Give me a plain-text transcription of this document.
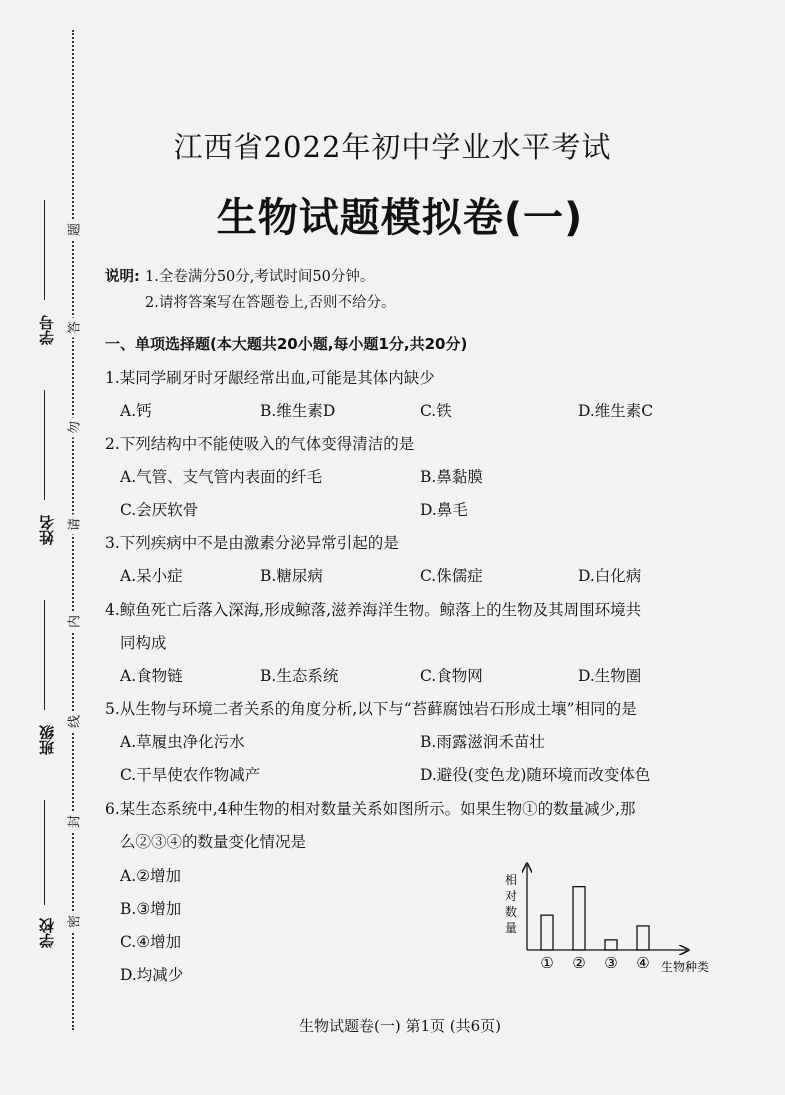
学号
姓名
班级
学校
题
答
勿
请
内
线
封
密
江西省2022年初中学业水平考试
生物试题模拟卷(一)
说明: 1.全卷满分50分,考试时间50分钟。
2.请将答案写在答题卷上,否则不给分。
一、单项选择题(本大题共20小题,每小题1分,共20分)
1.某同学刷牙时牙龈经常出血,可能是其体内缺少
A.钙	B.维生素D	C.铁	D.维生素C
2.下列结构中不能使吸入的气体变得清洁的是
A.气管、支气管内表面的纤毛	B.鼻黏膜
C.会厌软骨	D.鼻毛
3.下列疾病中不是由激素分泌异常引起的是
A.呆小症	B.糖尿病	C.侏儒症	D.白化病
4.鲸鱼死亡后落入深海,形成鲸落,滋养海洋生物。鲸落上的生物及其周围环境共
同构成
A.食物链	B.生态系统	C.食物网	D.生物圈
5.从生物与环境二者关系的角度分析,以下与“苔藓腐蚀岩石形成土壤”相同的是
A.草履虫净化污水	B.雨露滋润禾苗壮
C.干旱使农作物减产	D.避役(变色龙)随环境而改变体色
6.某生态系统中,4种生物的相对数量关系如图所示。如果生物①的数量减少,那
么②③④的数量变化情况是
A.②增加
B.③增加
C.④增加
D.均减少
相对数量
① ② ③ ④ 生物种类
生物试题卷(一) 第1页 (共6页)
